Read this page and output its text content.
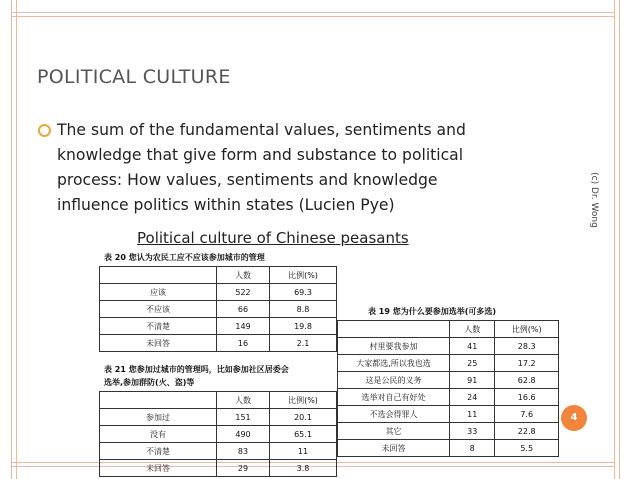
POLITICAL CULTURE
The sum of the fundamental values, sentiments and
knowledge that give form and substance to political
process: How values, sentiments and knowledge
influence politics within states (Lucien Pye)
Political culture of Chinese peasants
(c) Dr. Wong
4
表 20 您认为农民工应不应该参加城市的管理
	人数	比例(%)
应该	522	69.3
不应该	66	8.8
不清楚	149	19.8
未回答	16	2.1
表 21 您参加过城市的管理吗，比如参加社区居委会
选举,参加群防(火、盗)等
	人数	比例(%)
参加过	151	20.1
没有	490	65.1
不清楚	83	11
未回答	29	3.8
表 19 您为什么要参加选举(可多选)
	人数	比例(%)
村里要我参加	41	28.3
大家都选,所以我也选	25	17.2
这是公民的义务	91	62.8
选举对自己有好处	24	16.6
不选会得罪人	11	7.6
其它	33	22.8
未回答	8	5.5
